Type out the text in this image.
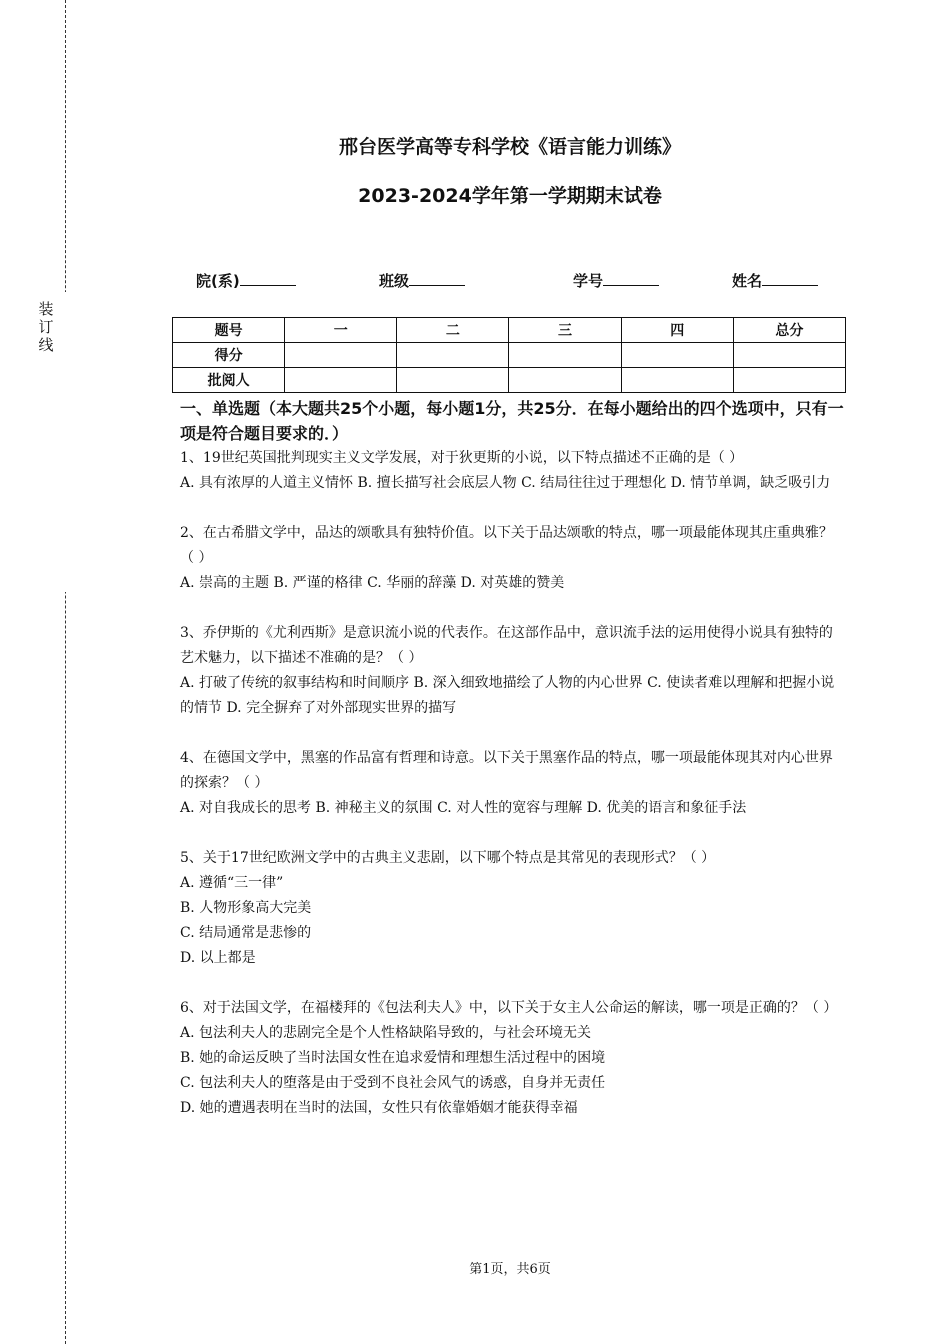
装订线
邢台医学高等专科学校《语言能力训练》
2023-2024学年第一学期期末试卷
院(系)	班级	学号	姓名
题号	一	二	三	四	总分
得分					
批阅人					
一、单选题（本大题共25个小题，每小题1分，共25分．在每小题给出的四个选项中，只有一项是符合题目要求的．）

1、19世纪英国批判现实主义文学发展，对于狄更斯的小说，以下特点描述不正确的是（ ）

A. 具有浓厚的人道主义情怀 B. 擅长描写社会底层人物 C. 结局往往过于理想化 D. 情节单调，缺乏吸引力

2、在古希腊文学中，品达的颂歌具有独特价值。以下关于品达颂歌的特点，哪一项最能体现其庄重典雅？（ ）

A. 崇高的主题 B. 严谨的格律 C. 华丽的辞藻 D. 对英雄的赞美

3、乔伊斯的《尤利西斯》是意识流小说的代表作。在这部作品中，意识流手法的运用使得小说具有独特的艺术魅力，以下描述不准确的是？（ ）

A. 打破了传统的叙事结构和时间顺序 B. 深入细致地描绘了人物的内心世界 C. 使读者难以理解和把握小说的情节 D. 完全摒弃了对外部现实世界的描写

4、在德国文学中，黑塞的作品富有哲理和诗意。以下关于黑塞作品的特点，哪一项最能体现其对内心世界的探索？（ ）

A. 对自我成长的思考 B. 神秘主义的氛围 C. 对人性的宽容与理解 D. 优美的语言和象征手法

5、关于17世纪欧洲文学中的古典主义悲剧，以下哪个特点是其常见的表现形式？（ ）

A. 遵循“三一律”

B. 人物形象高大完美

C. 结局通常是悲惨的

D. 以上都是

6、对于法国文学，在福楼拜的《包法利夫人》中，以下关于女主人公命运的解读，哪一项是正确的？（ ）

A. 包法利夫人的悲剧完全是个人性格缺陷导致的，与社会环境无关

B. 她的命运反映了当时法国女性在追求爱情和理想生活过程中的困境

C. 包法利夫人的堕落是由于受到不良社会风气的诱惑，自身并无责任

D. 她的遭遇表明在当时的法国，女性只有依靠婚姻才能获得幸福

第1页，共6页
